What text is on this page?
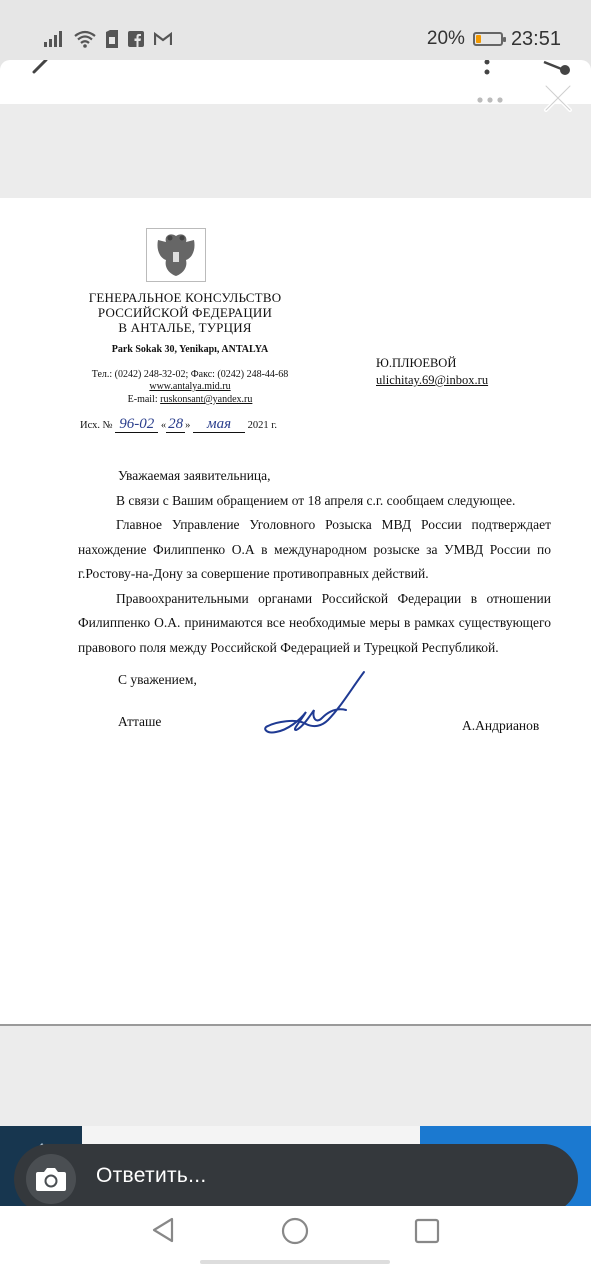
20% 23:51
ГЕНЕРАЛЬНОЕ КОНСУЛЬСТВО
РОССИЙСКОЙ ФЕДЕРАЦИИ
В АНТАЛЬЕ, ТУРЦИЯ
Park Sokak 30, Yenikapı, ANTALYA
Тел.: (0242) 248-32-02; Факс: (0242) 248-44-68
www.antalya.mid.ru
E-mail: ruskonsant@yandex.ru
Исх. № 96-02 « 28 » мая 2021 г.
Ю.ПЛЮЕВОЙ
ulichitay.69@inbox.ru

Уважаемая заявительница,

В связи с Вашим обращением от 18 апреля с.г. сообщаем следующее.

Главное Управление Уголовного Розыска МВД России подтверждает нахождение Филиппенко О.А в международном розыске за УМВД России по г.Ростову-на-Дону за совершение противоправных действий.

Правоохранительными органами Российской Федерации в отношении Филиппенко О.А. принимаются все необходимые меры в рамках существующего правового поля между Российской Федерацией и Турецкой Республикой.

С уважением,
Атташе	А.Андрианов
Ответить...
